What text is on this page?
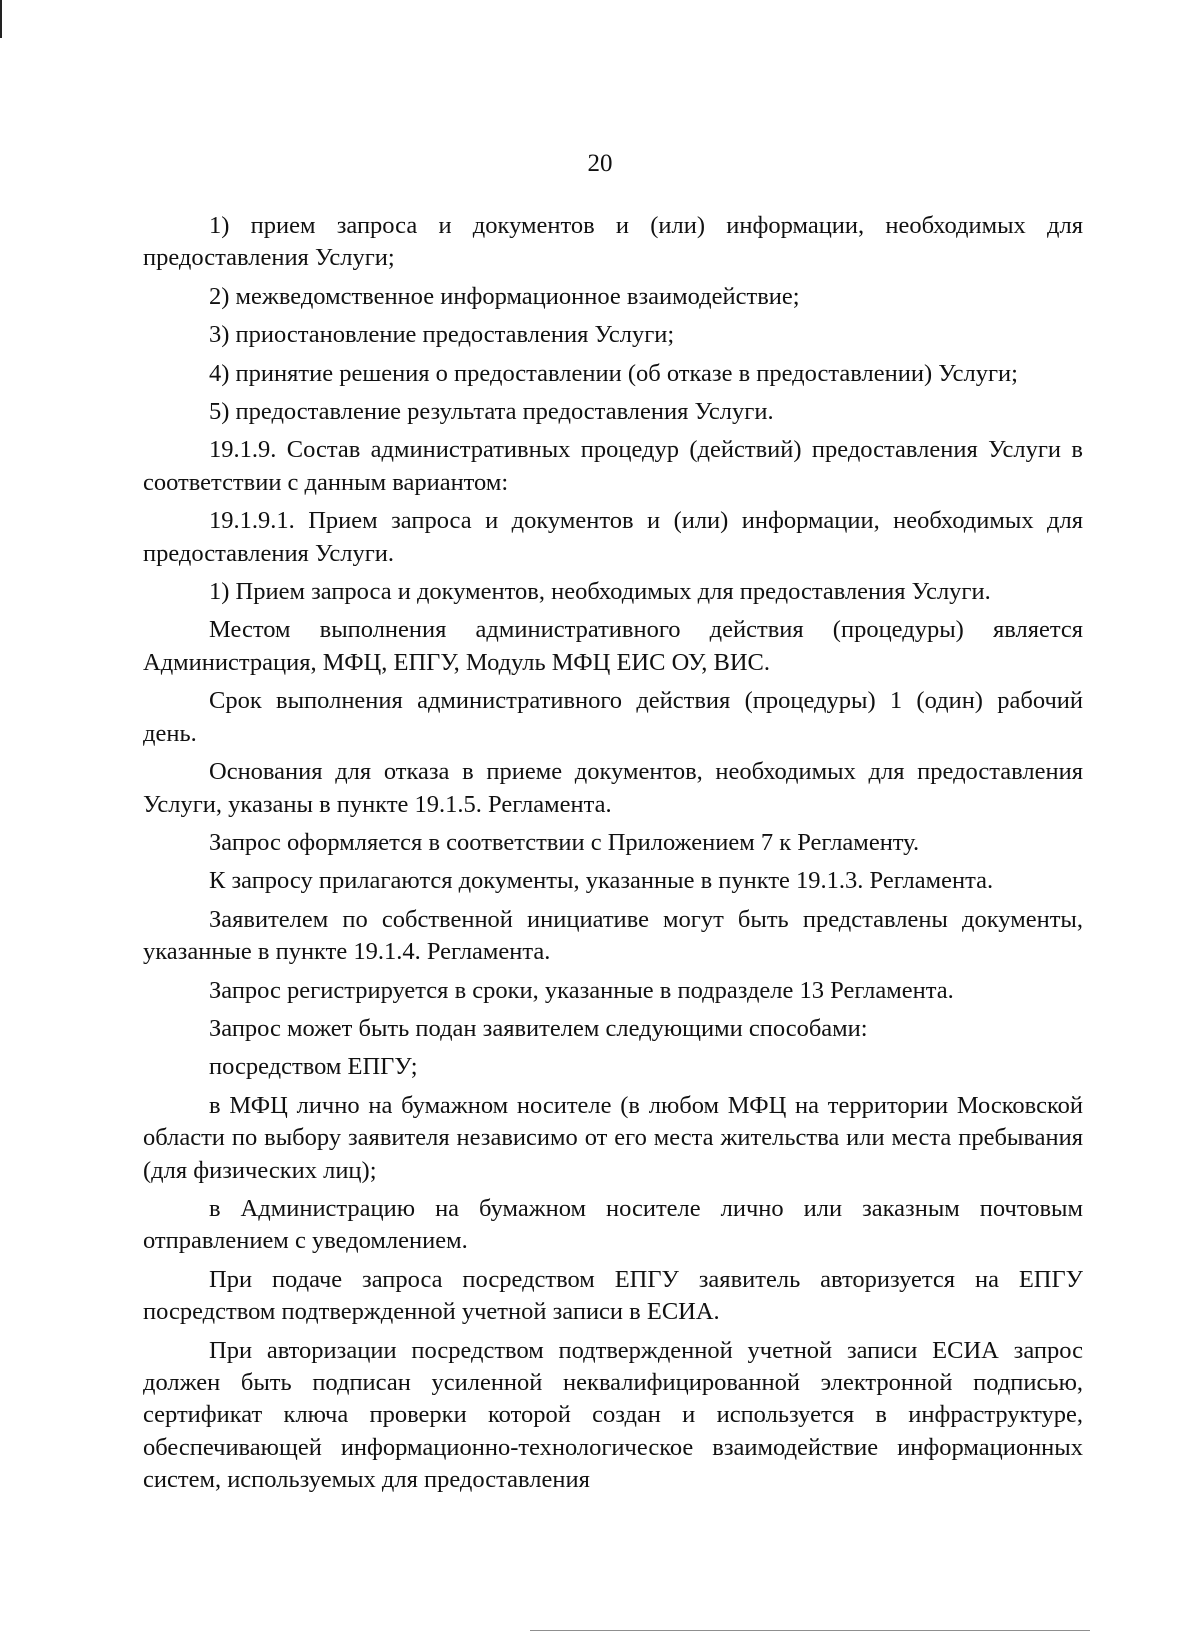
20

1) прием запроса и документов и (или) информации, необходимых для предоставления Услуги;

2) межведомственное информационное взаимодействие;

3) приостановление предоставления Услуги;

4) принятие решения о предоставлении (об отказе в предоставлении) Услуги;

5) предоставление результата предоставления Услуги.

19.1.9. Состав административных процедур (действий) предоставления Услуги в соответствии с данным вариантом:

19.1.9.1. Прием запроса и документов и (или) информации, необходимых для предоставления Услуги.

1) Прием запроса и документов, необходимых для предоставления Услуги.

Местом выполнения административного действия (процедуры) является Администрация, МФЦ, ЕПГУ, Модуль МФЦ ЕИС ОУ, ВИС.

Срок выполнения административного действия (процедуры) 1 (один) рабочий день.

Основания для отказа в приеме документов, необходимых для предоставления Услуги, указаны в пункте 19.1.5. Регламента.

Запрос оформляется в соответствии с Приложением 7 к Регламенту.

К запросу прилагаются документы, указанные в пункте 19.1.3. Регламента.

Заявителем по собственной инициативе могут быть представлены документы, указанные в пункте 19.1.4. Регламента.

Запрос регистрируется в сроки, указанные в подразделе 13 Регламента.

Запрос может быть подан заявителем следующими способами:

посредством ЕПГУ;

в МФЦ лично на бумажном носителе (в любом МФЦ на территории Московской области по выбору заявителя независимо от его места жительства или места пребывания (для физических лиц);

в Администрацию на бумажном носителе лично или заказным почтовым отправлением с уведомлением.

При подаче запроса посредством ЕПГУ заявитель авторизуется на ЕПГУ посредством подтвержденной учетной записи в ЕСИА.

При авторизации посредством подтвержденной учетной записи ЕСИА запрос должен быть подписан усиленной неквалифицированной электронной подписью, сертификат ключа проверки которой создан и используется в инфраструктуре, обеспечивающей информационно-технологическое взаимодействие информационных систем, используемых для предоставления
